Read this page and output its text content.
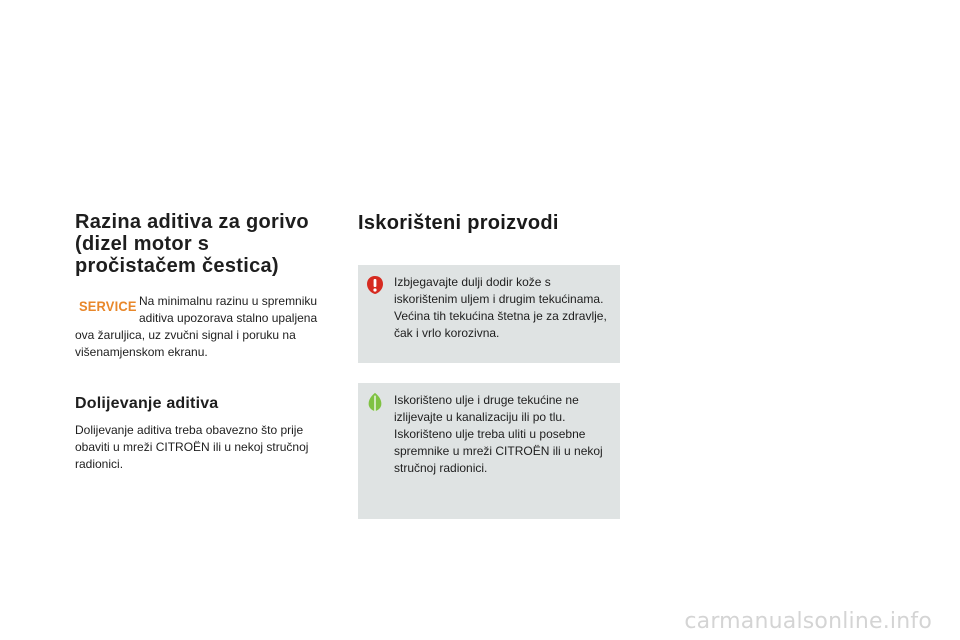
Razina aditiva za gorivo (dizel motor s pročistačem čestica)
SERVICE Na minimalnu razinu u spremniku aditiva upozorava stalno upaljena

ova žaruljica, uz zvučni signal i poruku na višenamjenskom ekranu.

Dolijevanje aditiva

Dolijevanje aditiva treba obavezno što prije obaviti u mreži CITROËN ili u nekoj stručnoj radionici.

Iskorišteni proizvodi
Izbjegavajte dulji dodir kože s iskorištenim uljem i drugim tekućinama. Većina tih tekućina štetna je za zdravlje, čak i vrlo korozivna.
Iskorišteno ulje i druge tekućine ne izlijevajte u kanalizaciju ili po tlu. Iskorišteno ulje treba uliti u posebne spremnike u mreži CITROËN ili u nekoj stručnoj radionici.
carmanualsonline.info
